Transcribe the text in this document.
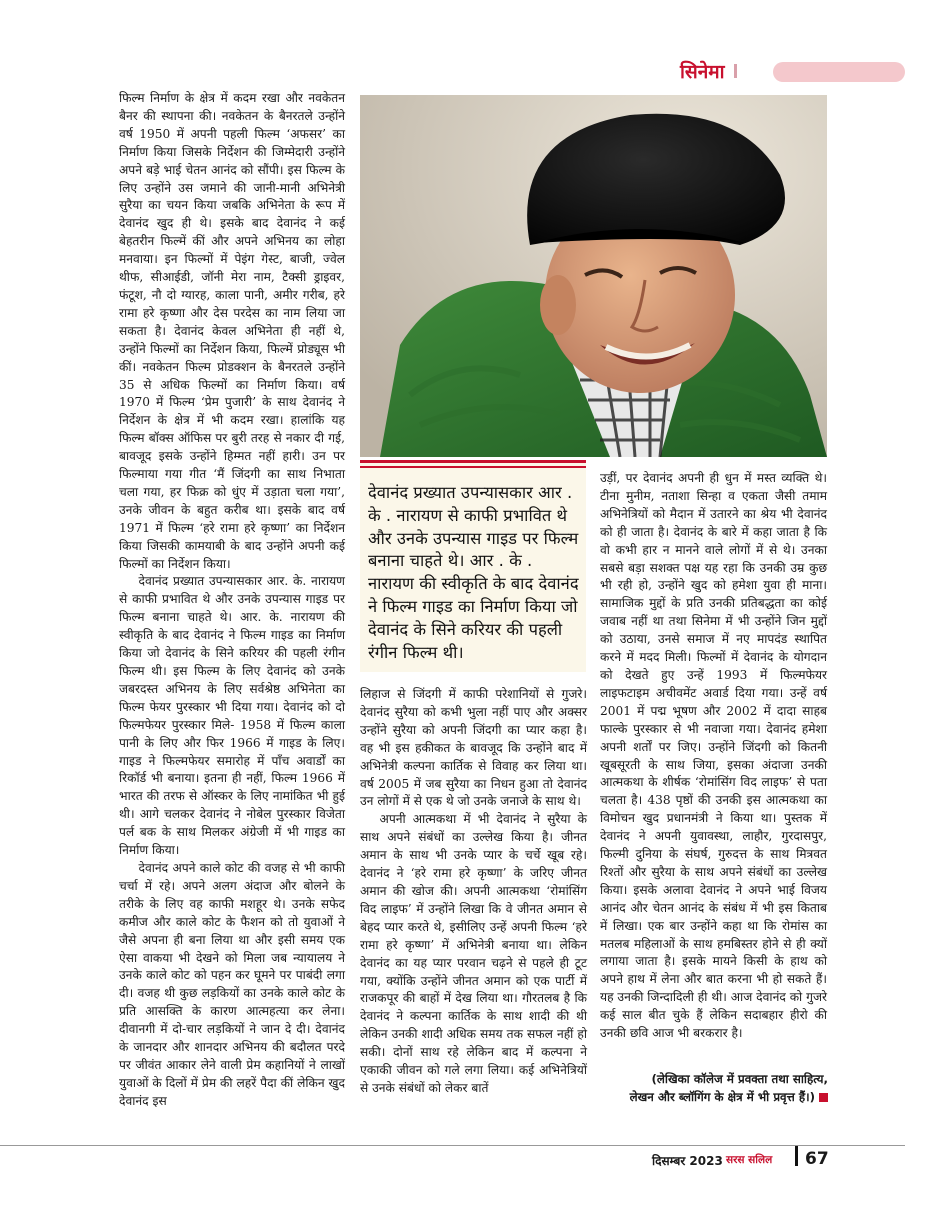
सिनेमा
फिल्म निर्माण के क्षेत्र में कदम रखा और नवकेतन बैनर की स्थापना की। नवकेतन के बैनरतले उन्होंने वर्ष 1950 में अपनी पहली फिल्म ‘अफसर’ का निर्माण किया जिसके निर्देशन की जिम्मेदारी उन्होंने अपने बड़े भाई चेतन आनंद को सौंपी। इस फिल्म के लिए उन्होंने उस जमाने की जानी-मानी अभिनेत्री सुरैया का चयन किया जबकि अभिनेता के रूप में देवानंद खुद ही थे। इसके बाद देवानंद ने कई बेहतरीन फिल्में कीं और अपने अभिनय का लोहा मनवाया। इन फिल्मों में पेइंग गेस्ट, बाजी, ज्वेल थीफ, सीआईडी, जॉनी मेरा नाम, टैक्सी ड्राइवर, फंटूश, नौ दो ग्यारह, काला पानी, अमीर गरीब, हरे रामा हरे कृष्णा और देस परदेस का नाम लिया जा सकता है। देवानंद केवल अभिनेता ही नहीं थे, उन्होंने फिल्मों का निर्देशन किया, फिल्में प्रोड्यूस भी कीं। नवकेतन फिल्म प्रोडक्शन के बैनरतले उन्होंने 35 से अधिक फिल्मों का निर्माण किया। वर्ष 1970 में फिल्म ‘प्रेम पुजारी’ के साथ देवानंद ने निर्देशन के क्षेत्र में भी कदम रखा। हालांकि यह फिल्म बॉक्स ऑफिस पर बुरी तरह से नकार दी गई, बावजूद इसके उन्होंने हिम्मत नहीं हारी। उन पर फिल्माया गया गीत ‘मैं जिंदगी का साथ निभाता चला गया, हर फिक्र को धुंए में उड़ाता चला गया’, उनके जीवन के बहुत करीब था। इसके बाद वर्ष 1971 में फिल्म ‘हरे रामा हरे कृष्णा’ का निर्देशन किया जिसकी कामयाबी के बाद उन्होंने अपनी कई फिल्मों का निर्देशन किया।
देवानंद प्रख्यात उपन्यासकार आर. के. नारायण से काफी प्रभावित थे और उनके उपन्यास गाइड पर फिल्म बनाना चाहते थे। आर. के. नारायण की स्वीकृति के बाद देवानंद ने फिल्म गाइड का निर्माण किया जो देवानंद के सिने करियर की पहली रंगीन फिल्म थी। इस फिल्म के लिए देवानंद को उनके जबरदस्त अभिनय के लिए सर्वश्रेष्ठ अभिनेता का फिल्म फेयर पुरस्कार भी दिया गया। देवानंद को दो फिल्मफेयर पुरस्कार मिले- 1958 में फिल्म काला पानी के लिए और फिर 1966 में गाइड के लिए। गाइड ने फिल्मफेयर समारोह में पाँच अवार्डों का रिकॉर्ड भी बनाया। इतना ही नहीं, फिल्म 1966 में भारत की तरफ से ऑस्कर के लिए नामांकित भी हुई थी। आगे चलकर देवानंद ने नोबेल पुरस्कार विजेता पर्ल बक के साथ मिलकर अंग्रेजी में भी गाइड का निर्माण किया।
देवानंद अपने काले कोट की वजह से भी काफी चर्चा में रहे। अपने अलग अंदाज और बोलने के तरीके के लिए वह काफी मशहूर थे। उनके सफेद कमीज और काले कोट के फैशन को तो युवाओं ने जैसे अपना ही बना लिया था और इसी समय एक ऐसा वाकया भी देखने को मिला जब न्यायालय ने उनके काले कोट को पहन कर घूमने पर पाबंदी लगा दी। वजह थी कुछ लड़कियों का उनके काले कोट के प्रति आसक्ति के कारण आत्महत्या कर लेना। दीवानगी में दो-चार लड़कियों ने जान दे दी। देवानंद के जानदार और शानदार अभिनय की बदौलत परदे पर जीवंत आकार लेने वाली प्रेम कहानियों ने लाखों युवाओं के दिलों में प्रेम की लहरें पैदा कीं लेकिन खुद देवानंद इस

देवानंद प्रख्यात उपन्यासकार आर . के . नारायण से काफी प्रभावित थे और उनके उपन्यास गाइड पर फिल्म बनाना चाहते थे। आर . के . नारायण की स्वीकृति के बाद देवानंद ने फिल्म गाइड का निर्माण किया जो देवानंद के सिने करियर की पहली रंगीन फिल्म थी।

लिहाज से जिंदगी में काफी परेशानियों से गुजरे। देवानंद सुरैया को कभी भुला नहीं पाए और अक्सर उन्होंने सुरैया को अपनी जिंदगी का प्यार कहा है। वह भी इस हकीकत के बावजूद कि उन्होंने बाद में अभिनेत्री कल्पना कार्तिक से विवाह कर लिया था। वर्ष 2005 में जब सुरैया का निधन हुआ तो देवानंद उन लोगों में से एक थे जो उनके जनाजे के साथ थे।
अपनी आत्मकथा में भी देवानंद ने सुरैया के साथ अपने संबंधों का उल्लेख किया है। जीनत अमान के साथ भी उनके प्यार के चर्चे खूब रहे। देवानंद ने ‘हरे रामा हरे कृष्णा’ के जरिए जीनत अमान की खोज की। अपनी आत्मकथा ‘रोमांसिंग विद लाइफ’ में उन्होंने लिखा कि वे जीनत अमान से बेहद प्यार करते थे, इसीलिए उन्हें अपनी फिल्म ‘हरे रामा हरे कृष्णा’ में अभिनेत्री बनाया था। लेकिन देवानंद का यह प्यार परवान चढ़ने से पहले ही टूट गया, क्योंकि उन्होंने जीनत अमान को एक पार्टी में राजकपूर की बाहों में देख लिया था। गौरतलब है कि देवानंद ने कल्पना कार्तिक के साथ शादी की थी लेकिन उनकी शादी अधिक समय तक सफल नहीं हो सकी। दोनों साथ रहे लेकिन बाद में कल्पना ने एकाकी जीवन को गले लगा लिया। कई अभिनेत्रियों से उनके संबंधों को लेकर बातें
उड़ीं, पर देवानंद अपनी ही धुन में मस्त व्यक्ति थे। टीना मुनीम, नताशा सिन्हा व एकता जैसी तमाम अभिनेत्रियों को मैदान में उतारने का श्रेय भी देवानंद को ही जाता है। देवानंद के बारे में कहा जाता है कि वो कभी हार न मानने वाले लोगों में से थे। उनका सबसे बड़ा सशक्त पक्ष यह रहा कि उनकी उम्र कुछ भी रही हो, उन्होंने खुद को हमेशा युवा ही माना। सामाजिक मुद्दों के प्रति उनकी प्रतिबद्धता का कोई जवाब नहीं था तथा सिनेमा में भी उन्होंने जिन मुद्दों को उठाया, उनसे समाज में नए मापदंड स्थापित करने में मदद मिली। फिल्मों में देवानंद के योगदान को देखते हुए उन्हें 1993 में फिल्मफेयर लाइफटाइम अचीवमेंट अवार्ड दिया गया। उन्हें वर्ष 2001 में पद्म भूषण और 2002 में दादा साहब फाल्के पुरस्कार से भी नवाजा गया। देवानंद हमेशा अपनी शर्तों पर जिए। उन्होंने जिंदगी को कितनी खूबसूरती के साथ जिया, इसका अंदाजा उनकी आत्मकथा के शीर्षक ‘रोमांसिंग विद लाइफ’ से पता चलता है। 438 पृष्ठों की उनकी इस आत्मकथा का विमोचन खुद प्रधानमंत्री ने किया था। पुस्तक में देवानंद ने अपनी युवावस्था, लाहौर, गुरदासपुर, फिल्मी दुनिया के संघर्ष, गुरुदत्त के साथ मित्रवत रिश्तों और सुरैया के साथ अपने संबंधों का उल्लेख किया। इसके अलावा देवानंद ने अपने भाई विजय आनंद और चेतन आनंद के संबंध में भी इस किताब में लिखा। एक बार उन्होंने कहा था कि रोमांस का मतलब महिलाओं के साथ हमबिस्तर होने से ही क्यों लगाया जाता है। इसके मायने किसी के हाथ को अपने हाथ में लेना और बात करना भी हो सकते हैं। यह उनकी जिन्दादिली ही थी। आज देवानंद को गुजरे कई साल बीत चुके हैं लेकिन सदाबहार हीरो की उनकी छवि आज भी बरकरार है।

(लेखिका कॉलेज में प्रवक्ता तथा साहित्य, लेखन और ब्लॉगिंग के क्षेत्र में भी प्रवृत्त हैं।)

दिसम्बर 2023 सरस सलिल 67
